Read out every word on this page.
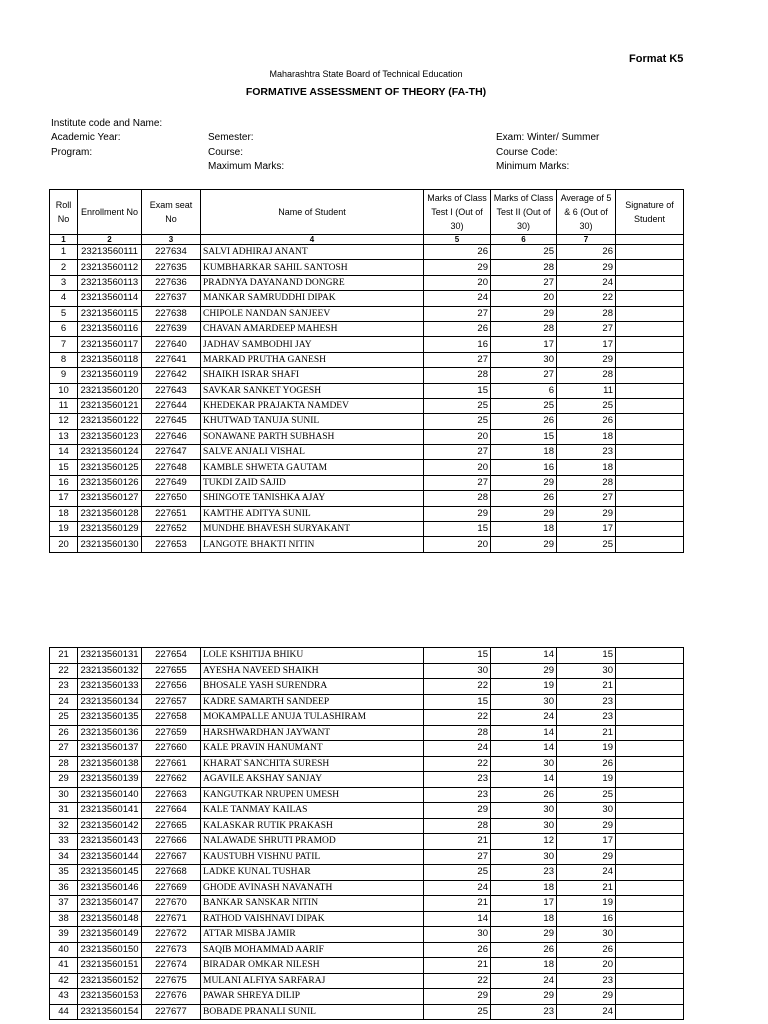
Format K5
Maharashtra State Board of Technical Education
FORMATIVE ASSESSMENT OF THEORY (FA-TH)
Institute code and Name:
Academic Year:
Program:
Semester:
Course:
Maximum Marks:
Exam: Winter/ Summer
Course Code:
Minimum Marks:
Roll No	Enrollment No	Exam seat No	Name of Student	Marks of Class Test I (Out of 30)	Marks of Class Test II (Out of 30)	Average of 5 & 6 (Out of 30)	Signature of Student
1	2	3	4	5	6	7	
1	23213560111	227634	SALVI ADHIRAJ ANANT	26	25	26	
2	23213560112	227635	KUMBHARKAR SAHIL SANTOSH	29	28	29	
3	23213560113	227636	PRADNYA DAYANAND DONGRE	20	27	24	
4	23213560114	227637	MANKAR SAMRUDDHI DIPAK	24	20	22	
5	23213560115	227638	CHIPOLE NANDAN SANJEEV	27	29	28	
6	23213560116	227639	CHAVAN AMARDEEP MAHESH	26	28	27	
7	23213560117	227640	JADHAV SAMBODHI JAY	16	17	17	
8	23213560118	227641	MARKAD PRUTHA GANESH	27	30	29	
9	23213560119	227642	SHAIKH ISRAR SHAFI	28	27	28	
10	23213560120	227643	SAVKAR SANKET YOGESH	15	6	11	
11	23213560121	227644	KHEDEKAR PRAJAKTA NAMDEV	25	25	25	
12	23213560122	227645	KHUTWAD TANUJA SUNIL	25	26	26	
13	23213560123	227646	SONAWANE PARTH SUBHASH	20	15	18	
14	23213560124	227647	SALVE ANJALI VISHAL	27	18	23	
15	23213560125	227648	KAMBLE SHWETA GAUTAM	20	16	18	
16	23213560126	227649	TUKDI ZAID SAJID	27	29	28	
17	23213560127	227650	SHINGOTE TANISHKA AJAY	28	26	27	
18	23213560128	227651	KAMTHE ADITYA SUNIL	29	29	29	
19	23213560129	227652	MUNDHE BHAVESH SURYAKANT	15	18	17	
20	23213560130	227653	LANGOTE BHAKTI NITIN	20	29	25	
21	23213560131	227654	LOLE KSHITIJA BHIKU	15	14	15	
22	23213560132	227655	AYESHA NAVEED SHAIKH	30	29	30	
23	23213560133	227656	BHOSALE YASH SURENDRA	22	19	21	
24	23213560134	227657	KADRE SAMARTH SANDEEP	15	30	23	
25	23213560135	227658	MOKAMPALLE ANUJA TULASHIRAM	22	24	23	
26	23213560136	227659	HARSHWARDHAN JAYWANT	28	14	21	
27	23213560137	227660	KALE PRAVIN HANUMANT	24	14	19	
28	23213560138	227661	KHARAT SANCHITA SURESH	22	30	26	
29	23213560139	227662	AGAVILE AKSHAY SANJAY	23	14	19	
30	23213560140	227663	KANGUTKAR NRUPEN UMESH	23	26	25	
31	23213560141	227664	KALE TANMAY KAILAS	29	30	30	
32	23213560142	227665	KALASKAR RUTIK PRAKASH	28	30	29	
33	23213560143	227666	NALAWADE SHRUTI PRAMOD	21	12	17	
34	23213560144	227667	KAUSTUBH VISHNU PATIL	27	30	29	
35	23213560145	227668	LADKE KUNAL TUSHAR	25	23	24	
36	23213560146	227669	GHODE AVINASH NAVANATH	24	18	21	
37	23213560147	227670	BANKAR SANSKAR NITIN	21	17	19	
38	23213560148	227671	RATHOD VAISHNAVI DIPAK	14	18	16	
39	23213560149	227672	ATTAR MISBA JAMIR	30	29	30	
40	23213560150	227673	SAQIB MOHAMMAD AARIF	26	26	26	
41	23213560151	227674	BIRADAR OMKAR NILESH	21	18	20	
42	23213560152	227675	MULANI ALFIYA SARFARAJ	22	24	23	
43	23213560153	227676	PAWAR SHREYA DILIP	29	29	29	
44	23213560154	227677	BOBADE PRANALI SUNIL	25	23	24	
